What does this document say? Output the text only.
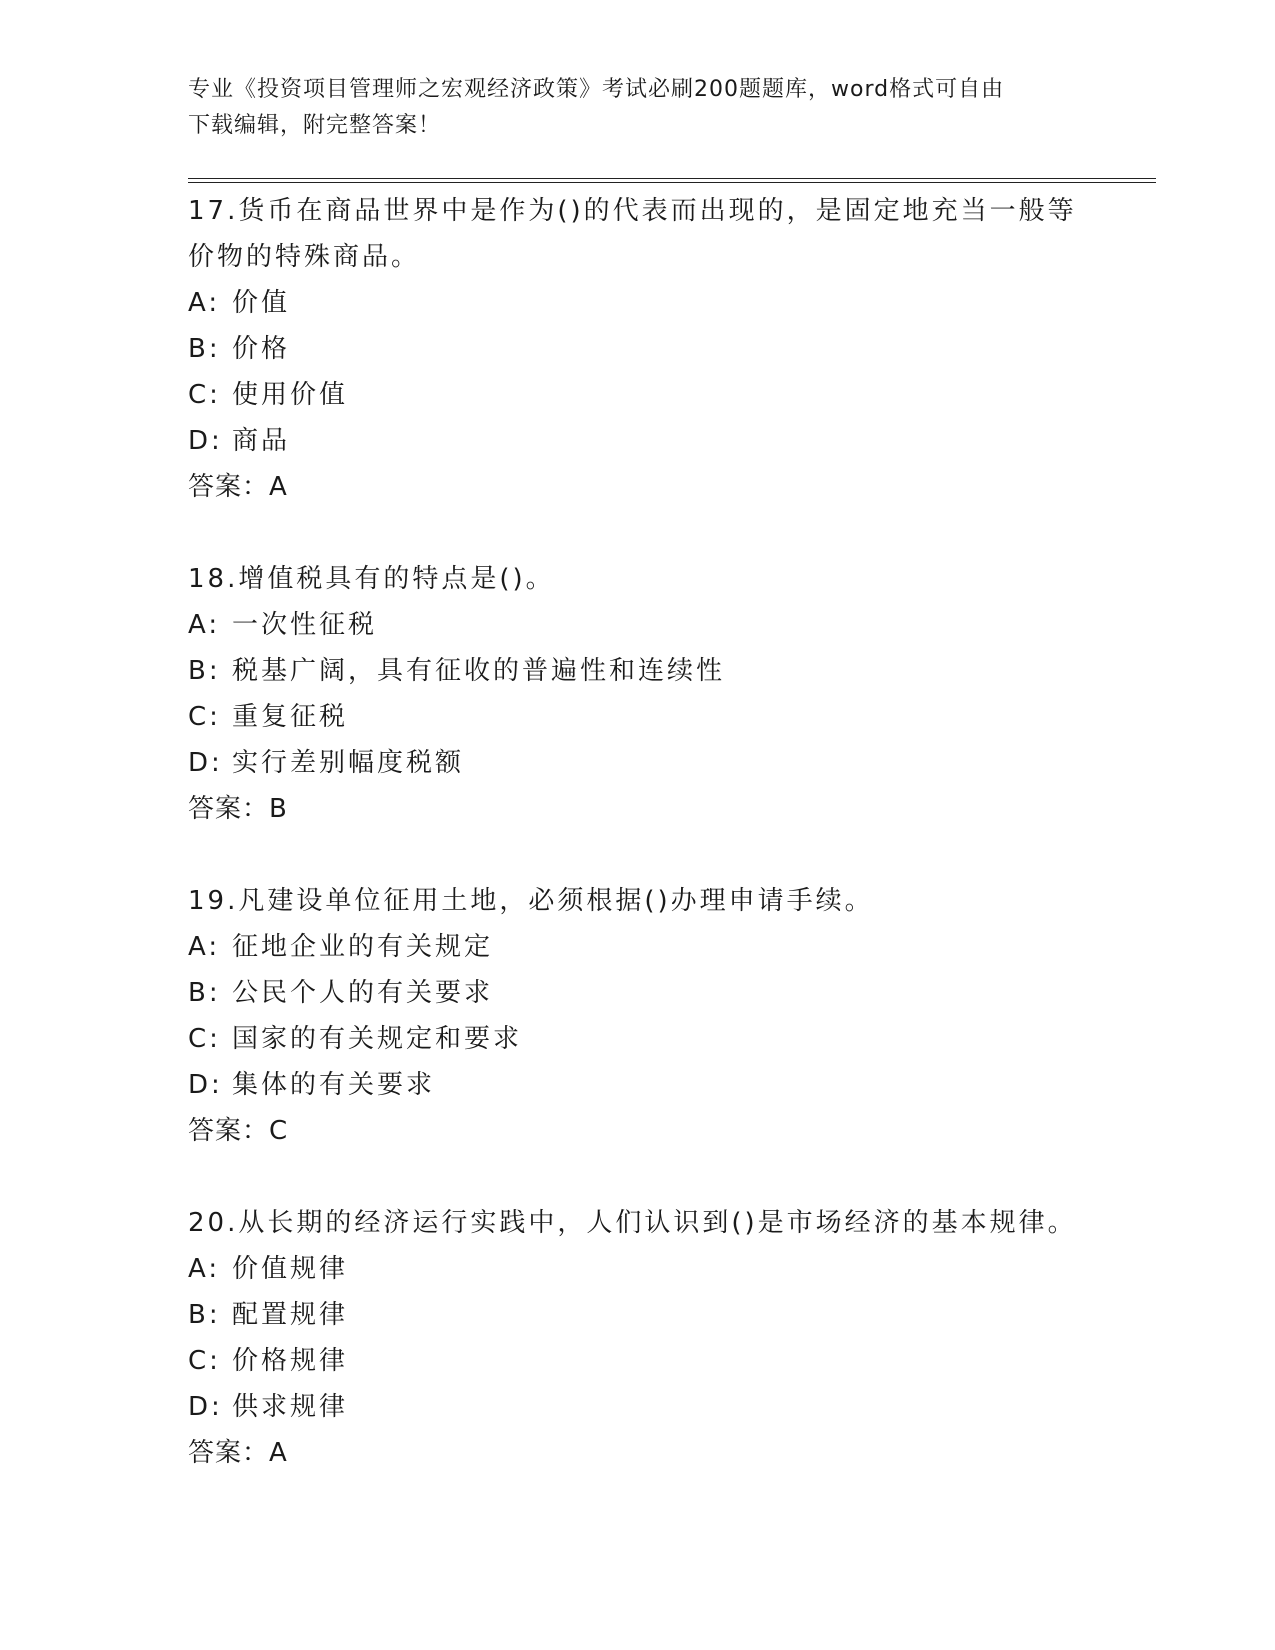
专业《投资项目管理师之宏观经济政策》考试必刷200题题库，word格式可自由
下载编辑，附完整答案！
17.货币在商品世界中是作为()的代表而出现的，是固定地充当一般等
价物的特殊商品。
A: 价值
B: 价格
C: 使用价值
D: 商品
答案：A
18.增值税具有的特点是()。
A: 一次性征税
B: 税基广阔，具有征收的普遍性和连续性
C: 重复征税
D: 实行差别幅度税额
答案：B
19.凡建设单位征用土地，必须根据()办理申请手续。
A: 征地企业的有关规定
B: 公民个人的有关要求
C: 国家的有关规定和要求
D: 集体的有关要求
答案：C
20.从长期的经济运行实践中，人们认识到()是市场经济的基本规律。
A: 价值规律
B: 配置规律
C: 价格规律
D: 供求规律
答案：A
